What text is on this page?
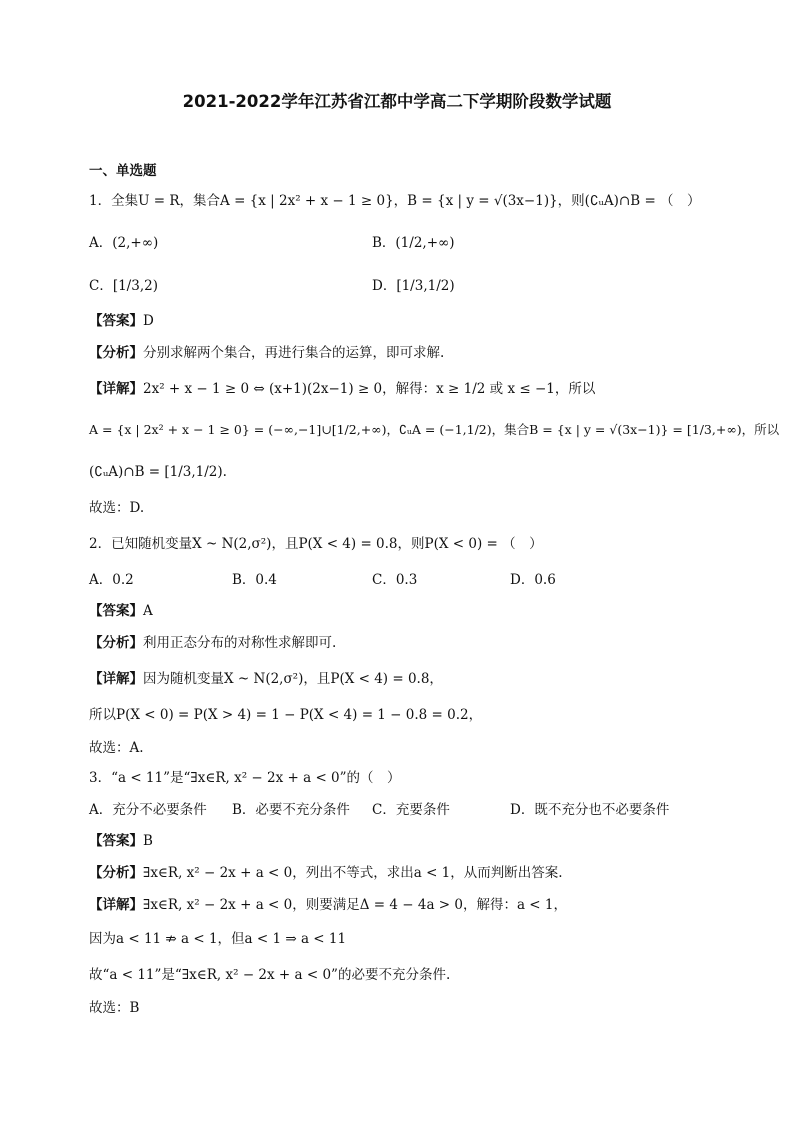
2021-2022学年江苏省江都中学高二下学期阶段数学试题
一、单选题
1．全集U = R，集合A = {x | 2x² + x − 1 ≥ 0}，B = {x | y = √(3x−1)}，则(∁ᵤA)∩B = （　）
A．(2,+∞)	B．(1/2,+∞)
C．[1/3,2)	D．[1/3,1/2)
【答案】D
【分析】分别求解两个集合，再进行集合的运算，即可求解.
【详解】2x² + x − 1 ≥ 0 ⇔ (x+1)(2x−1) ≥ 0，解得：x ≥ 1/2 或 x ≤ −1，所以
A = {x | 2x² + x − 1 ≥ 0} = (−∞,−1]∪[1/2,+∞)，∁ᵤA = (−1,1/2)，集合B = {x | y = √(3x−1)} = [1/3,+∞)，所以
(∁ᵤA)∩B = [1/3,1/2).
故选：D.
2．已知随机变量X ~ N(2,σ²)，且P(X < 4) = 0.8，则P(X < 0) = （　）
A．0.2	B．0.4	C．0.3	D．0.6
【答案】A
【分析】利用正态分布的对称性求解即可.
【详解】因为随机变量X ~ N(2,σ²)，且P(X < 4) = 0.8，
所以P(X < 0) = P(X > 4) = 1 − P(X < 4) = 1 − 0.8 = 0.2，
故选：A.
3．“a < 11”是“∃x∈R, x² − 2x + a < 0”的（　）
A．充分不必要条件 B．必要不充分条件 C．充要条件	D．既不充分也不必要条件
【答案】B
【分析】∃x∈R, x² − 2x + a < 0，列出不等式，求出a < 1，从而判断出答案.
【详解】∃x∈R, x² − 2x + a < 0，则要满足Δ = 4 − 4a > 0，解得：a < 1，
因为a < 11 ⇏ a < 1，但a < 1 ⇒ a < 11
故“a < 11”是“∃x∈R, x² − 2x + a < 0”的必要不充分条件.
故选：B
